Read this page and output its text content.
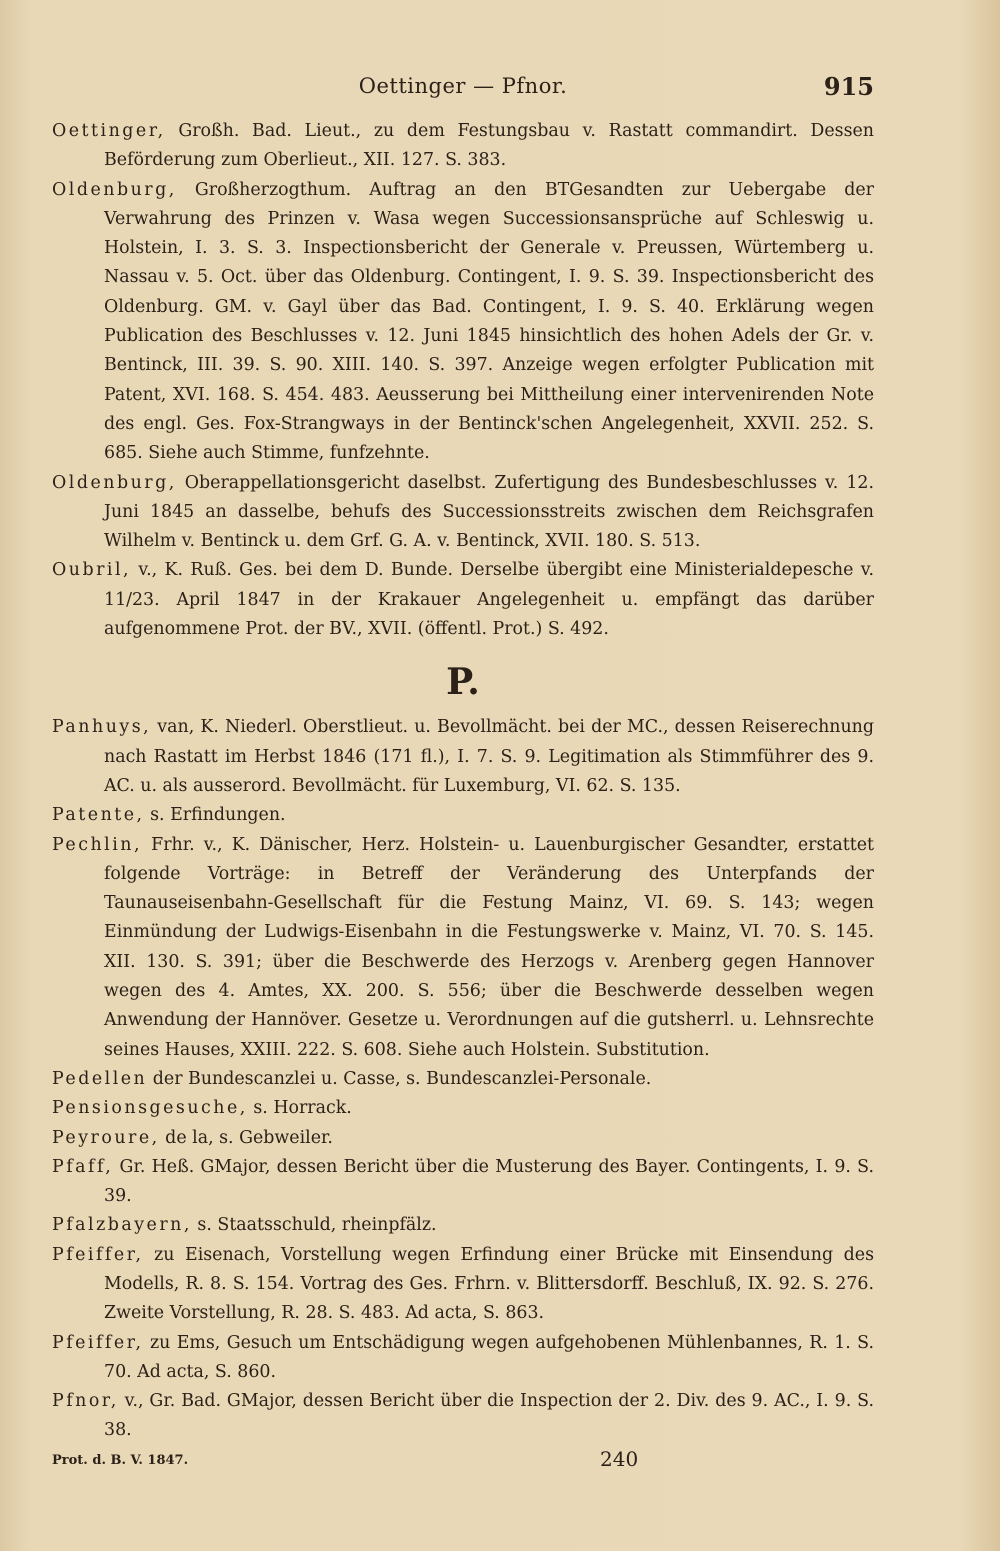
Oettinger — Pfnor.	915

Oettinger, Großh. Bad. Lieut., zu dem Festungsbau v. Rastatt commandirt. Dessen Beförderung zum Oberlieut., XII. 127. S. 383.

Oldenburg, Großherzogthum. Auftrag an den BTGesandten zur Uebergabe der Verwahrung des Prinzen v. Wasa wegen Successionsansprüche auf Schleswig u. Holstein, I. 3. S. 3. Inspectionsbericht der Generale v. Preussen, Würtemberg u. Nassau v. 5. Oct. über das Oldenburg. Contingent, I. 9. S. 39. Inspectionsbericht des Oldenburg. GM. v. Gayl über das Bad. Contingent, I. 9. S. 40. Erklärung wegen Publication des Beschlusses v. 12. Juni 1845 hinsichtlich des hohen Adels der Gr. v. Bentinck, III. 39. S. 90. XIII. 140. S. 397. Anzeige wegen erfolgter Publication mit Patent, XVI. 168. S. 454. 483. Aeusserung bei Mittheilung einer intervenirenden Note des engl. Ges. Fox-Strangways in der Bentinck'schen Angelegenheit, XXVII. 252. S. 685. Siehe auch Stimme, funfzehnte.

Oldenburg, Oberappellationsgericht daselbst. Zufertigung des Bundesbeschlusses v. 12. Juni 1845 an dasselbe, behufs des Successionsstreits zwischen dem Reichsgrafen Wilhelm v. Bentinck u. dem Grf. G. A. v. Bentinck, XVII. 180. S. 513.

Oubril, v., K. Ruß. Ges. bei dem D. Bunde. Derselbe übergibt eine Ministerialdepesche v. 11/23. April 1847 in der Krakauer Angelegenheit u. empfängt das darüber aufgenommene Prot. der BV., XVII. (öffentl. Prot.) S. 492.

P.

Panhuys, van, K. Niederl. Oberstlieut. u. Bevollmächt. bei der MC., dessen Reiserechnung nach Rastatt im Herbst 1846 (171 fl.), I. 7. S. 9. Legitimation als Stimmführer des 9. AC. u. als ausserord. Bevollmächt. für Luxemburg, VI. 62. S. 135.

Patente, s. Erfindungen.

Pechlin, Frhr. v., K. Dänischer, Herz. Holstein- u. Lauenburgischer Gesandter, erstattet folgende Vorträge: in Betreff der Veränderung des Unterpfands der Taunauseisenbahn-Gesellschaft für die Festung Mainz, VI. 69. S. 143; wegen Einmündung der Ludwigs-Eisenbahn in die Festungswerke v. Mainz, VI. 70. S. 145. XII. 130. S. 391; über die Beschwerde des Herzogs v. Arenberg gegen Hannover wegen des 4. Amtes, XX. 200. S. 556; über die Beschwerde desselben wegen Anwendung der Hannöver. Gesetze u. Verordnungen auf die gutsherrl. u. Lehnsrechte seines Hauses, XXIII. 222. S. 608. Siehe auch Holstein. Substitution.

Pedellen der Bundescanzlei u. Casse, s. Bundescanzlei-Personale.

Pensionsgesuche, s. Horrack.

Peyroure, de la, s. Gebweiler.

Pfaff, Gr. Heß. GMajor, dessen Bericht über die Musterung des Bayer. Contingents, I. 9. S. 39.

Pfalzbayern, s. Staatsschuld, rheinpfälz.

Pfeiffer, zu Eisenach, Vorstellung wegen Erfindung einer Brücke mit Einsendung des Modells, R. 8. S. 154. Vortrag des Ges. Frhrn. v. Blittersdorff. Beschluß, IX. 92. S. 276. Zweite Vorstellung, R. 28. S. 483. Ad acta, S. 863.

Pfeiffer, zu Ems, Gesuch um Entschädigung wegen aufgehobenen Mühlenbannes, R. 1. S. 70. Ad acta, S. 860.

Pfnor, v., Gr. Bad. GMajor, dessen Bericht über die Inspection der 2. Div. des 9. AC., I. 9. S. 38.

Prot. d. B. V. 1847.	240
